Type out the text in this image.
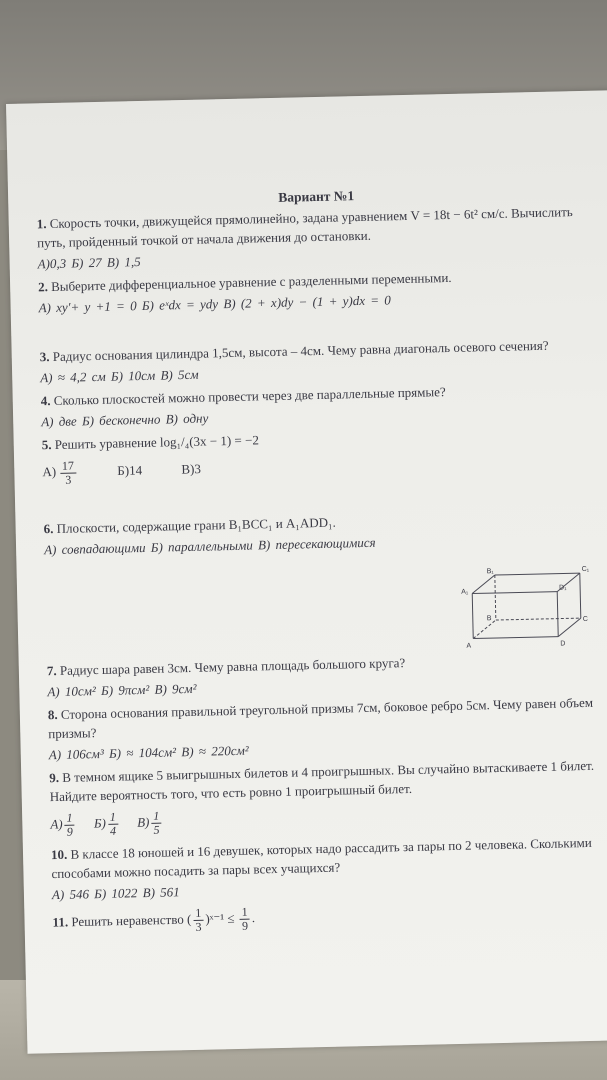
Вариант №1

1. Скорость точки, движущейся прямолинейно, задана уравнением V = 18t − 6t² см/с. Вычислить путь, пройденный точкой от начала движения до остановки.

А)0,3 Б) 27 В) 1,5

2. Выберите дифференциальное уравнение с разделенными переменными.

А) xy′+ y +1 = 0 Б) eˣdx = ydy В) (2 + x)dy − (1 + y)dx = 0

3. Радиус основания цилиндра 1,5см, высота – 4см. Чему равна диагональ осевого сечения?

А) ≈ 4,2 см Б) 10см В) 5см

4. Сколько плоскостей можно провести через две параллельные прямые?

А) две Б) бесконечно В) одну

5. Решить уравнение log₁/₄(3x − 1) = −2

$А) \frac{17}{3}$	Б)14	В)3

6. Плоскости, содержащие грани B₁BCC₁ и A₁ADD₁.

А) совпадающими Б) параллельными В) пересекающимися

7. Радиус шара равен 3см. Чему равна площадь большого круга?

А) 10см² Б) 9πсм² В) 9см²

8. Сторона основания правильной треугольной призмы 7см, боковое ребро 5см. Чему равен объем призмы?

А) 106см³ Б) ≈ 104см² В) ≈ 220см²

9. В темном ящике 5 выигрышных билетов и 4 проигрышных. Вы случайно вытаскиваете 1 билет. Найдите вероятность того, что есть ровно 1 проигрышный билет.

$А) \frac{1}{9} Б) \frac{1}{4} В) \frac{1}{5}$

10. В классе 18 юношей и 16 девушек, которых надо рассадить за пары по 2 человека. Сколькими способами можно посадить за пары всех учащихся?

А) 546 Б) 1022 В) 561

11. Решить неравенство ( $\frac{1}{3}$ )ˣ⁻¹ ≤ $\frac{1}{9}$ .

B₁	C₁
A₁
D₁
B	C
A	D
